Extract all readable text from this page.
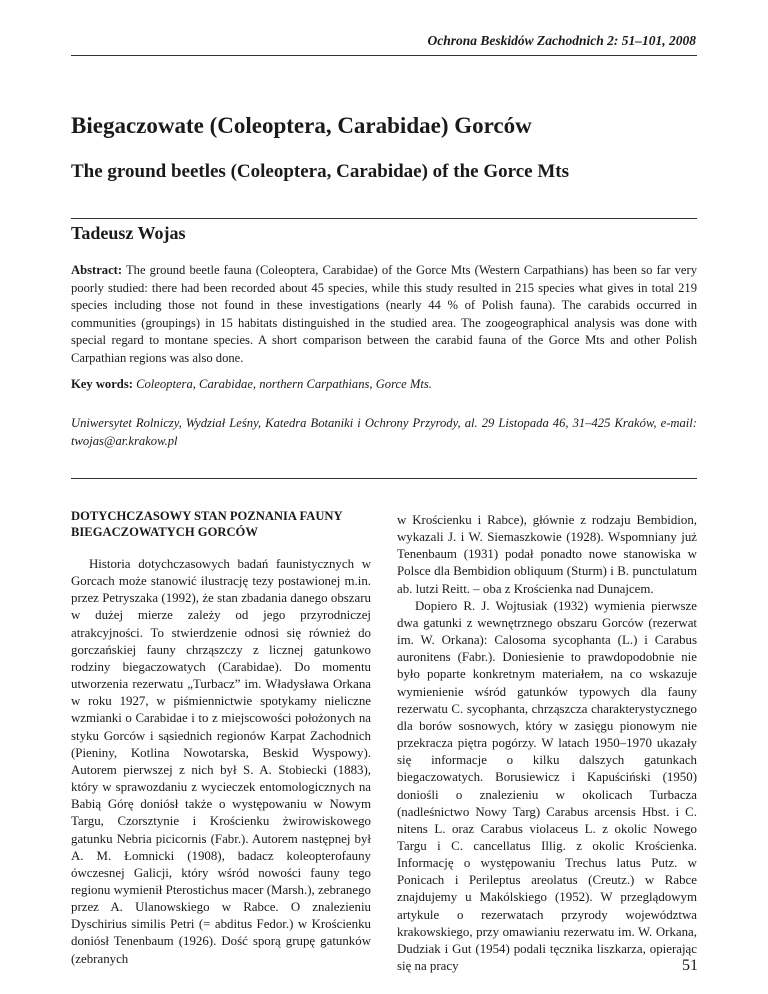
Ochrona Beskidów Zachodnich 2: 51–101, 2008
Biegaczowate (Coleoptera, Carabidae) Gorców
The ground beetles (Coleoptera, Carabidae) of the Gorce Mts
Tadeusz Wojas

Abstract: The ground beetle fauna (Coleoptera, Carabidae) of the Gorce Mts (Western Carpathians) has been so far very poorly studied: there had been recorded about 45 species, while this study resulted in 215 species what gives in total 219 species including those not found in these investigations (nearly 44 % of Polish fauna). The carabids occurred in communities (groupings) in 15 habitats distinguished in the studied area. The zoogeographical analysis was done with special regard to montane species. A short comparison between the carabid fauna of the Gorce Mts and other Polish Carpathian regions was also done.

Key words: Coleoptera, Carabidae, northern Carpathians, Gorce Mts.

Uniwersytet Rolniczy, Wydział Leśny, Katedra Botaniki i Ochrony Przyrody, al. 29 Listopada 46, 31–425 Kraków, e-mail: twojas@ar.krakow.pl

DOTYCHCZASOWY STAN POZNANIA FAUNY BIEGACZOWATYCH GORCÓW

Historia dotychczasowych badań faunistycznych w Gorcach może stanowić ilustrację tezy postawionej m.in. przez Petryszaka (1992), że stan zbadania danego obszaru w dużej mierze zależy od jego przyrodniczej atrakcyjności. To stwierdzenie odnosi się również do gorczańskiej fauny chrząszczy z licznej gatunkowo rodziny biegaczowatych (Carabidae). Do momentu utworzenia rezerwatu „Turbacz” im. Władysława Orkana w roku 1927, w piśmiennictwie spotykamy nieliczne wzmianki o Carabidae i to z miejscowości położonych na styku Gorców i sąsiednich regionów Karpat Zachodnich (Pieniny, Kotlina Nowotarska, Beskid Wyspowy). Autorem pierwszej z nich był S. A. Stobiecki (1883), który w sprawozdaniu z wycieczek entomologicznych na Babią Górę doniósł także o występowaniu w Nowym Targu, Czorsztynie i Krościenku żwirowiskowego gatunku Nebria picicornis (Fabr.). Autorem następnej był A. M. Łomnicki (1908), badacz koleopterofauny ówczesnej Galicji, który wśród nowości fauny tego regionu wymienił Pterostichus macer (Marsh.), zebranego przez A. Ulanowskiego w Rabce. O znalezieniu Dyschirius similis Petri (= abditus Fedor.) w Krościenku doniósł Tenenbaum (1926). Dość sporą grupę gatunków (zebranych

w Krościenku i Rabce), głównie z rodzaju Bembidion, wykazali J. i W. Siemaszkowie (1928). Wspomniany już Tenenbaum (1931) podał ponadto nowe stanowiska w Polsce dla Bembidion obliquum (Sturm) i B. punctulatum ab. lutzi Reitt. – oba z Krościenka nad Dunajcem.

Dopiero R. J. Wojtusiak (1932) wymienia pierwsze dwa gatunki z wewnętrznego obszaru Gorców (rezerwat im. W. Orkana): Calosoma sycophanta (L.) i Carabus auronitens (Fabr.). Doniesienie to prawdopodobnie nie było poparte konkretnym materiałem, na co wskazuje wymienienie wśród gatunków typowych dla fauny rezerwatu C. sycophanta, chrząszcza charakterystycznego dla borów sosnowych, który w zasięgu pionowym nie przekracza piętra pogórzy. W latach 1950–1970 ukazały się informacje o kilku dalszych gatunkach biegaczowatych. Borusiewicz i Kapuściński (1950) doniośli o znalezieniu w okolicach Turbacza (nadleśnictwo Nowy Targ) Carabus arcensis Hbst. i C. nitens L. oraz Carabus violaceus L. z okolic Nowego Targu i C. cancellatus Illig. z okolic Krościenka. Informację o występowaniu Trechus latus Putz. w Ponicach i Perileptus areolatus (Creutz.) w Rabce znajdujemy u Makólskiego (1952). W przeglądowym artykule o rezerwatach przyrody województwa krakowskiego, przy omawianiu rezerwatu im. W. Orkana, Dudziak i Gut (1954) podali tęcznika liszkarza, opierając się na pracy	51
